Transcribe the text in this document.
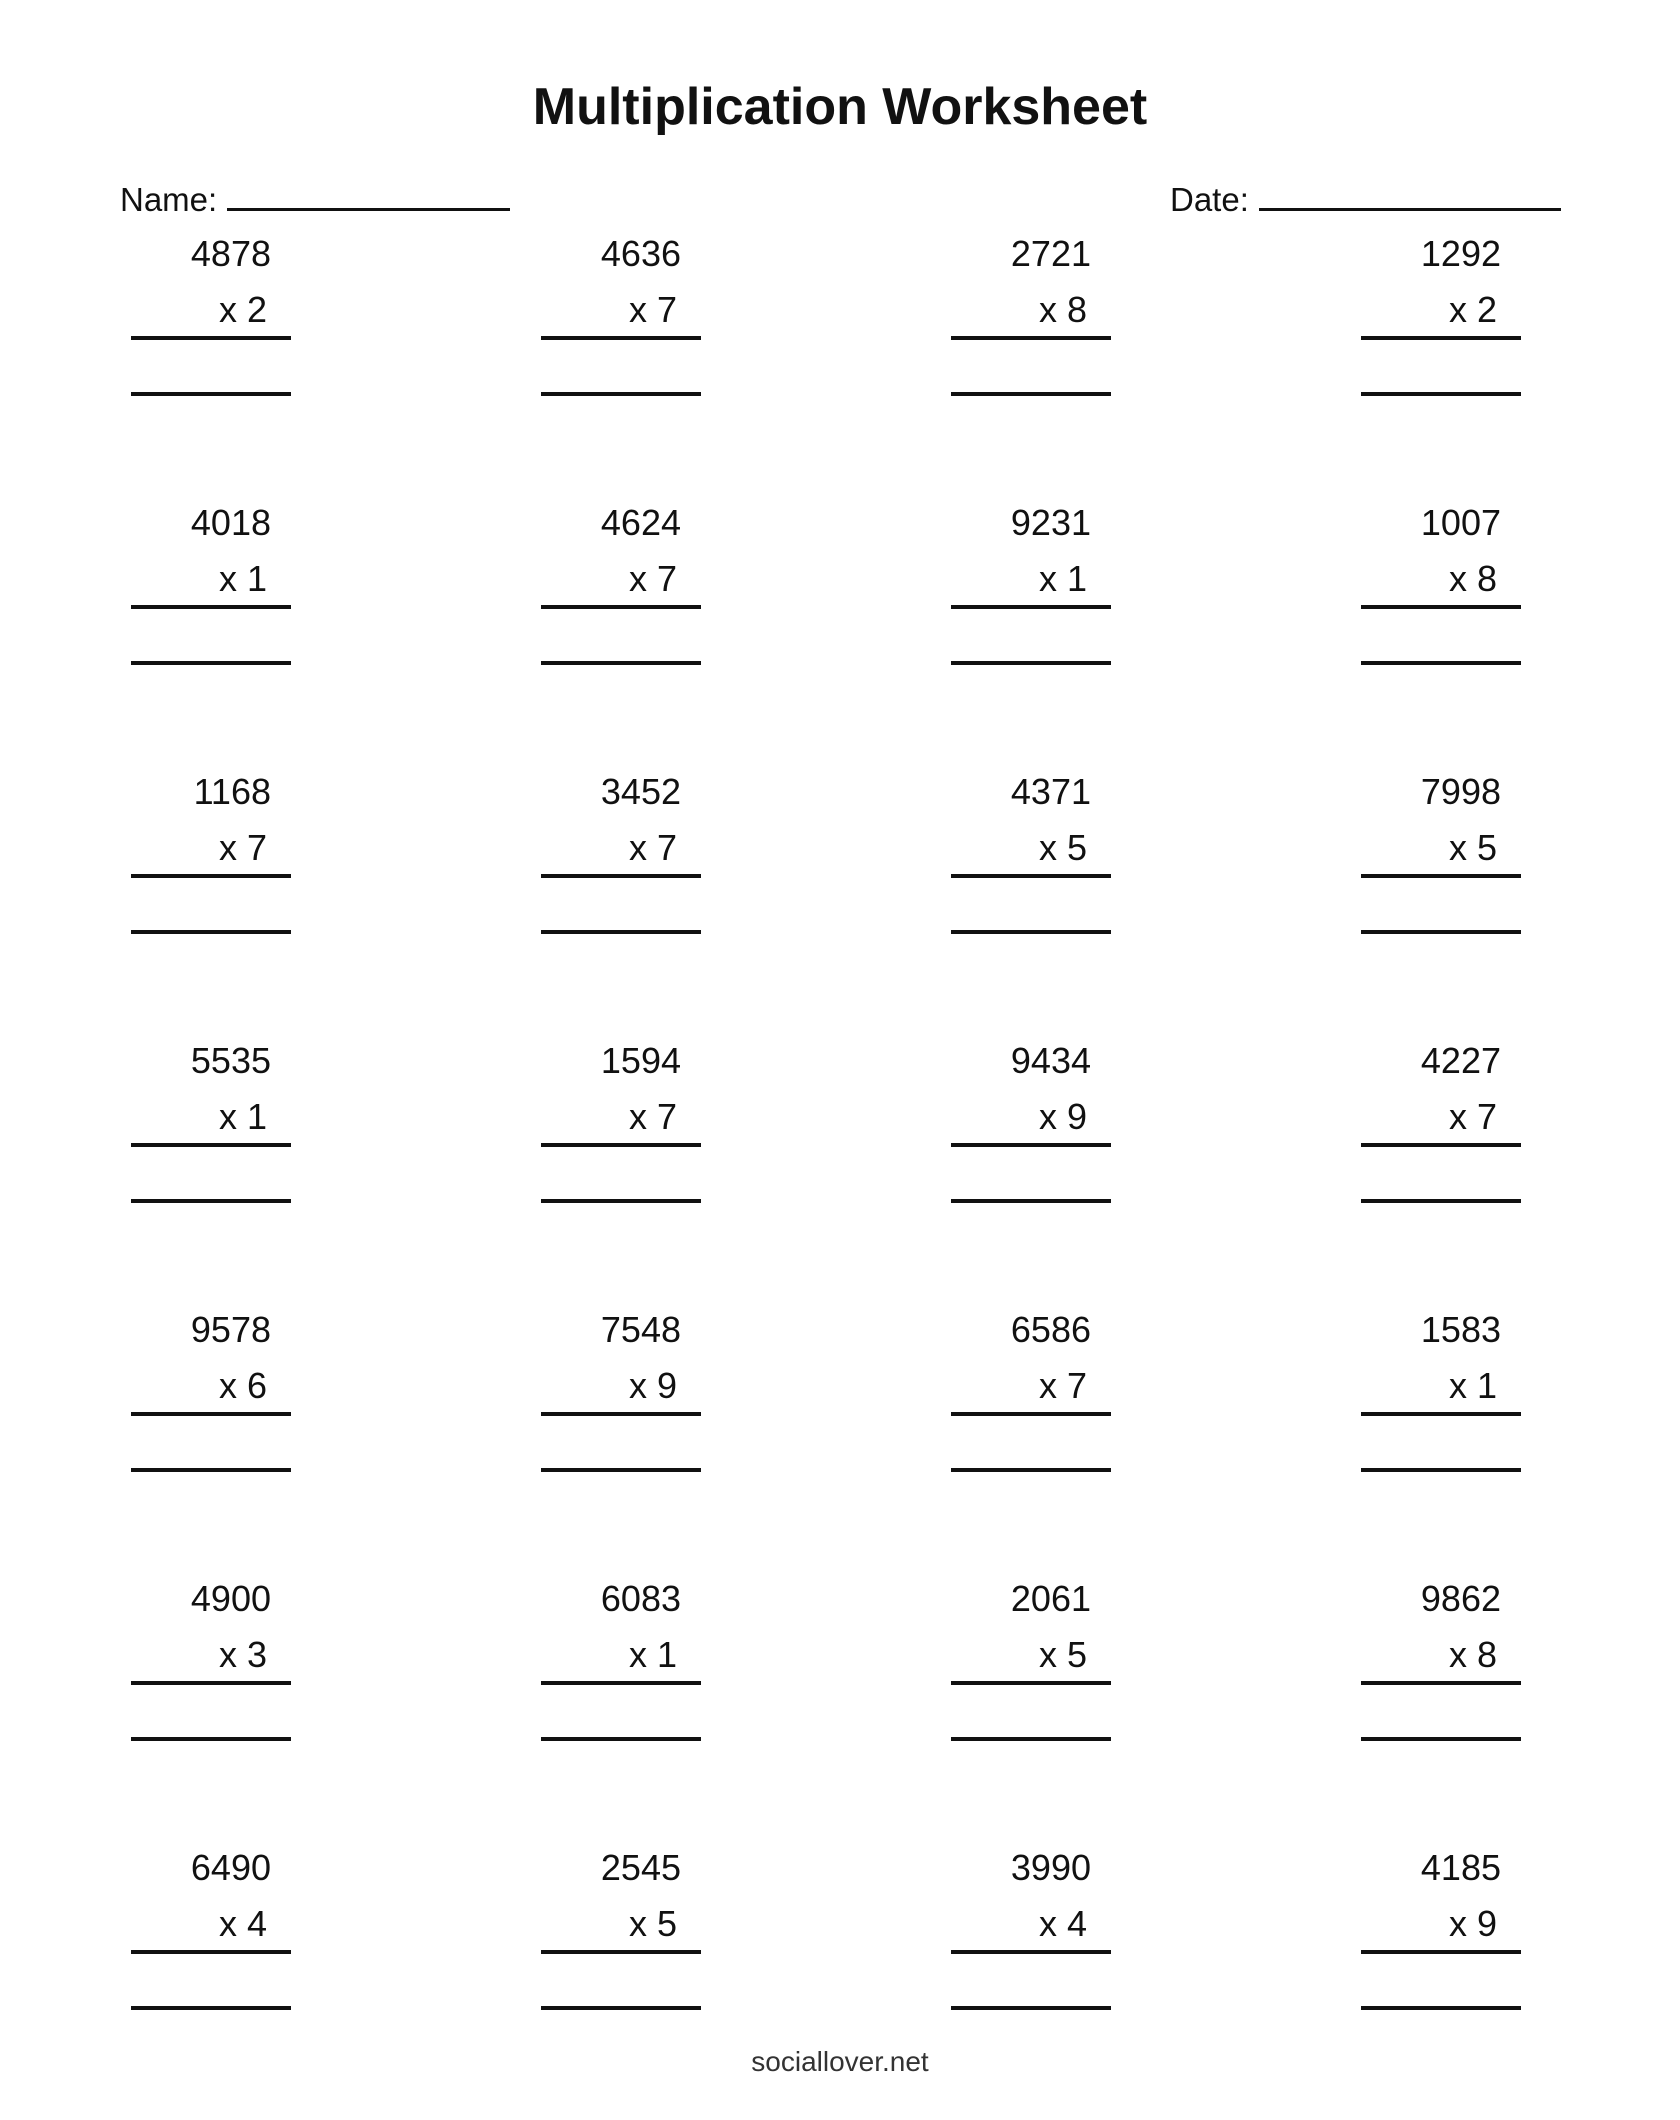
Multiplication Worksheet
Name:	Date:
4878
x 2
4636
x 7
2721
x 8
1292
x 2
4018
x 1
4624
x 7
9231
x 1
1007
x 8
1168
x 7
3452
x 7
4371
x 5
7998
x 5
5535
x 1
1594
x 7
9434
x 9
4227
x 7
9578
x 6
7548
x 9
6586
x 7
1583
x 1
4900
x 3
6083
x 1
2061
x 5
9862
x 8
6490
x 4
2545
x 5
3990
x 4
4185
x 9
sociallover.net
